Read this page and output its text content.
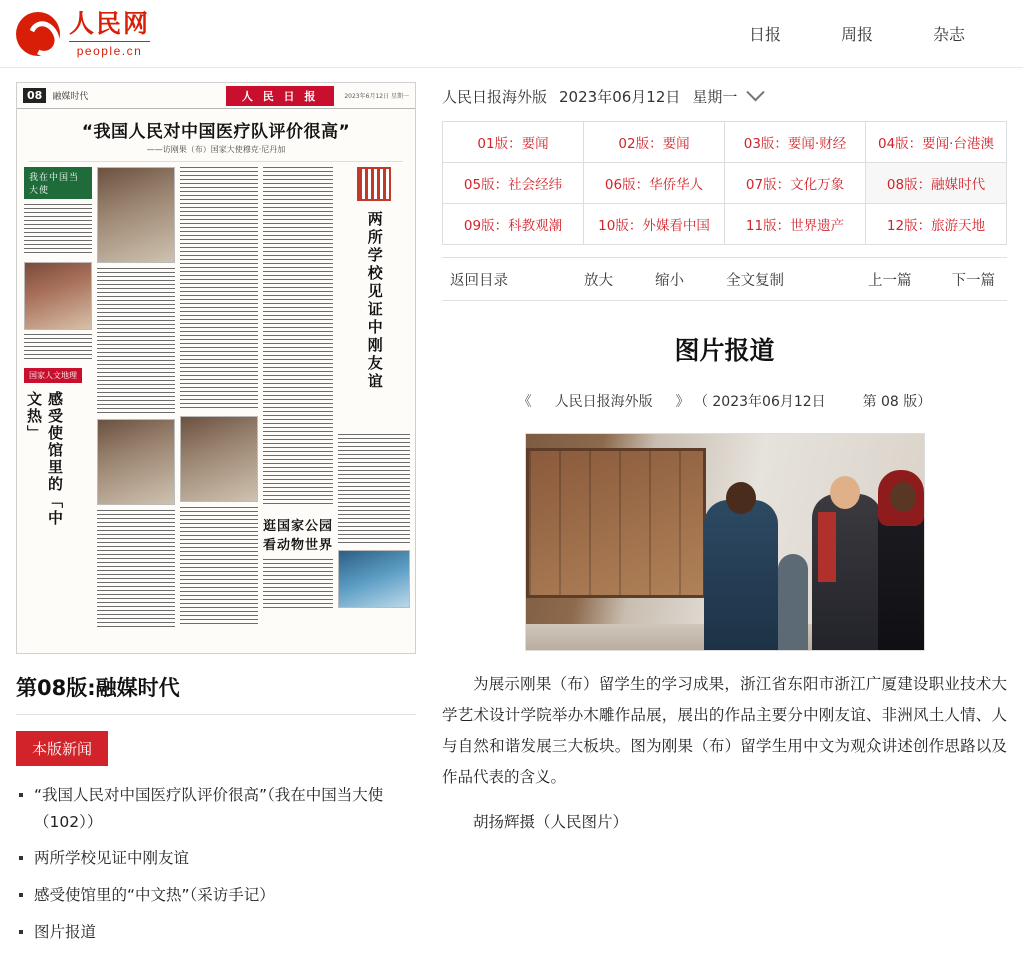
人民网
people.cn
日报	周报	杂志
08	融媒时代	人 民 日 报	2023年6月12日 星期一
“我国人民对中国医疗队评价很高”
——访刚果（布）国家大使穆克·尼丹加
我在中国当大使
国家人文地理
感受使馆里的「中文热」
逛国家公园看动物世界
两所学校见证中刚友谊
第08版:融媒时代
本版新闻
“我国人民对中国医疗队评价很高”（我在中国当大使（102））
两所学校见证中刚友谊
感受使馆里的“中文热”（采访手记）
图片报道
人民日报海外版 2023年06月12日 星期一
01版：要闻	02版：要闻	03版：要闻·财经	04版：要闻·台港澳
05版：社会经纬	06版：华侨华人	07版：文化万象	08版：融媒时代
09版：科教观潮	10版：外媒看中国	11版：世界遗产	12版：旅游天地
返回目录	放大	缩小	全文复制	上一篇	下一篇
图片报道
《 人民日报海外版 》 （ 2023年06月12日	第 08 版）

为展示刚果（布）留学生的学习成果，浙江省东阳市浙江广厦建设职业技术大学艺术设计学院举办木雕作品展，展出的作品主要分中刚友谊、非洲风土人情、人与自然和谐发展三大板块。图为刚果（布）留学生用中文为观众讲述创作思路以及作品代表的含义。

胡扬辉摄（人民图片）
